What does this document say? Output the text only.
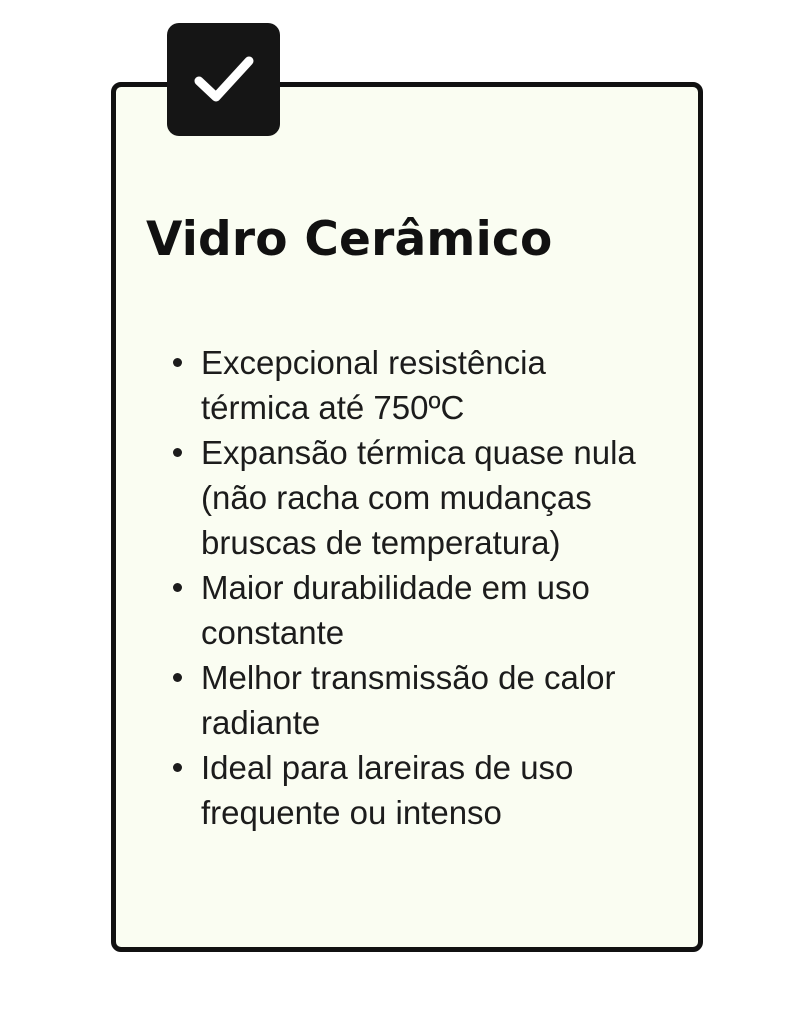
Vidro Cerâmico
Excepcional resistência térmica até 750ºC
Expansão térmica quase nula (não racha com mudanças bruscas de temperatura)
Maior durabilidade em uso constante
Melhor transmissão de calor radiante
Ideal para lareiras de uso frequente ou intenso
